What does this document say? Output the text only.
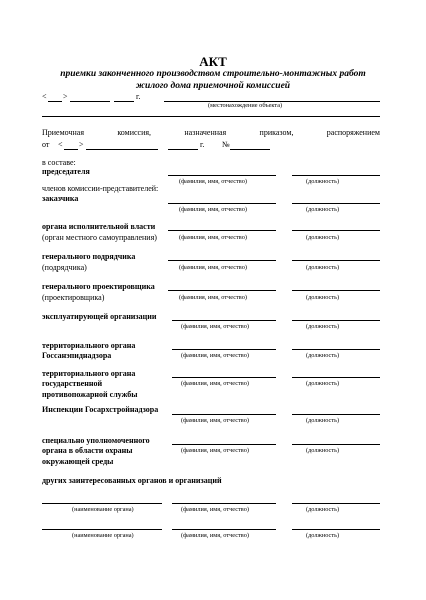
АКТ
приемки законченного производством строительно-монтажных работ
жилого дома приемочной комиссией
< >	г.
(местонахождение объекта)
Приемочная	комиссия,	назначенная	приказом,	распоряжением
от < >	г. №
в составе:
председателя
(фамилия, имя, отчество)	(должность)
членов комиссии-представителей:
заказчика
(фамилия, имя, отчество)	(должность)
органа исполнительной власти
(орган местного самоуправления)	(фамилия, имя, отчество)	(должность)
генерального подрядчика
(подрядчика)	(фамилия, имя, отчество)	(должность)
генерального проектировщика
(проектировщика)	(фамилия, имя, отчество)	(должность)
эксплуатирующей организации
(фамилия, имя, отчество)	(должность)
территориального органа
Госсанэпиднадзора	(фамилия, имя, отчество)	(должность)
территориального органа
государственной
противопожарной службы
(фамилия, имя, отчество)	(должность)
Инспекции Госархстройнадзора
(фамилия, имя, отчество)	(должность)
специально уполномоченного
органа в области охраны
окружающей среды
(фамилия, имя, отчество)	(должность)
других заинтересованных органов и организаций
(наименование органа)	(фамилия, имя, отчество)	(должность)
(наименование органа)	(фамилия, имя, отчество)	(должность)
